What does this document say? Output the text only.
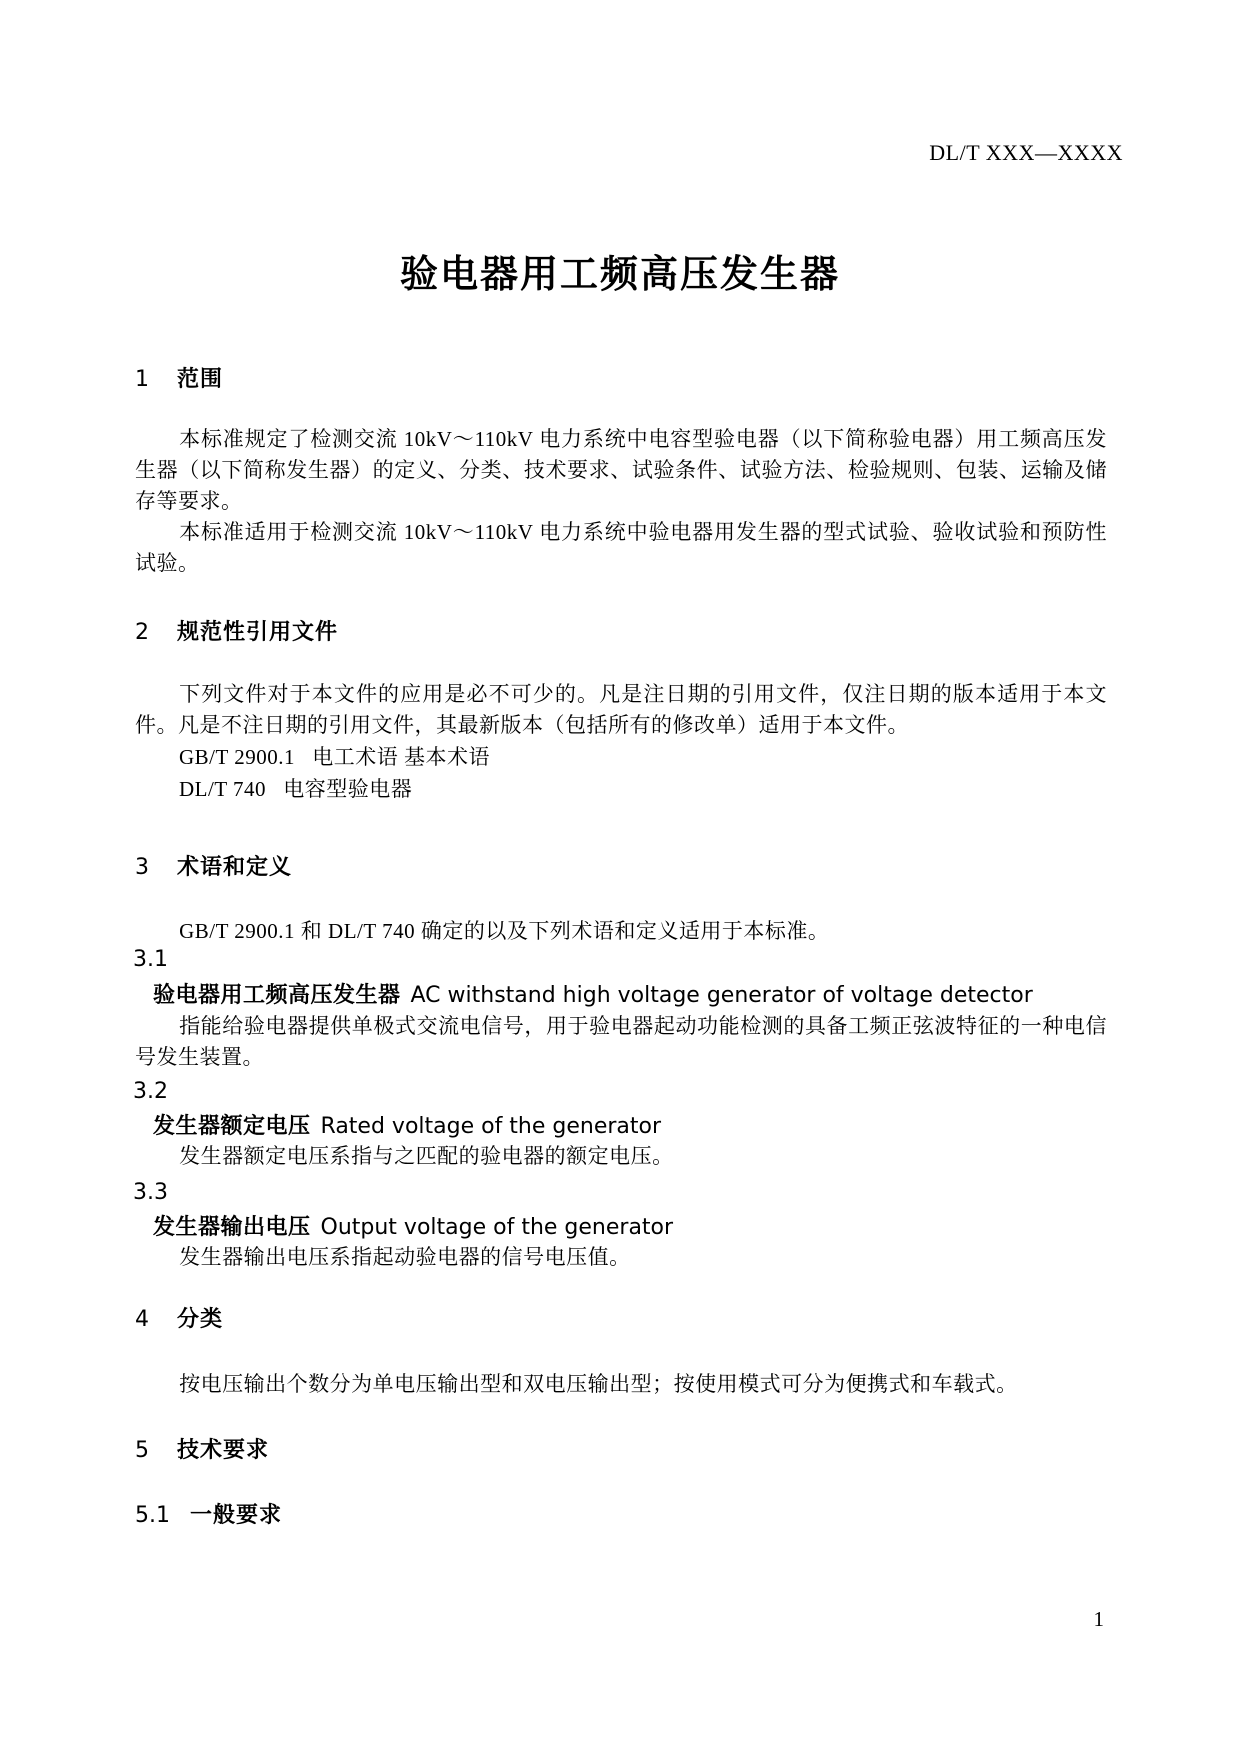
DL/T XXX—XXXX
验电器用工频高压发生器
1 范围
本标准规定了检测交流 10kV～110kV 电力系统中电容型验电器（以下简称验电器）用工频高压发生器（以下简称发生器）的定义、分类、技术要求、试验条件、试验方法、检验规则、包装、运输及储存等要求。
本标准适用于检测交流 10kV～110kV 电力系统中验电器用发生器的型式试验、验收试验和预防性试验。
2 规范性引用文件
下列文件对于本文件的应用是必不可少的。凡是注日期的引用文件，仅注日期的版本适用于本文件。凡是不注日期的引用文件，其最新版本（包括所有的修改单）适用于本文件。
GB/T 2900.1   电工术语 基本术语
DL/T 740   电容型验电器
3 术语和定义
GB/T 2900.1 和 DL/T 740 确定的以及下列术语和定义适用于本标准。
3.1
验电器用工频高压发生器 AC withstand high voltage generator of voltage detector
指能给验电器提供单极式交流电信号，用于验电器起动功能检测的具备工频正弦波特征的一种电信号发生装置。
3.2
发生器额定电压 Rated voltage of the generator
发生器额定电压系指与之匹配的验电器的额定电压。
3.3
发生器输出电压 Output voltage of the generator
发生器输出电压系指起动验电器的信号电压值。
4 分类
按电压输出个数分为单电压输出型和双电压输出型；按使用模式可分为便携式和车载式。
5 技术要求
5.1 一般要求
1
